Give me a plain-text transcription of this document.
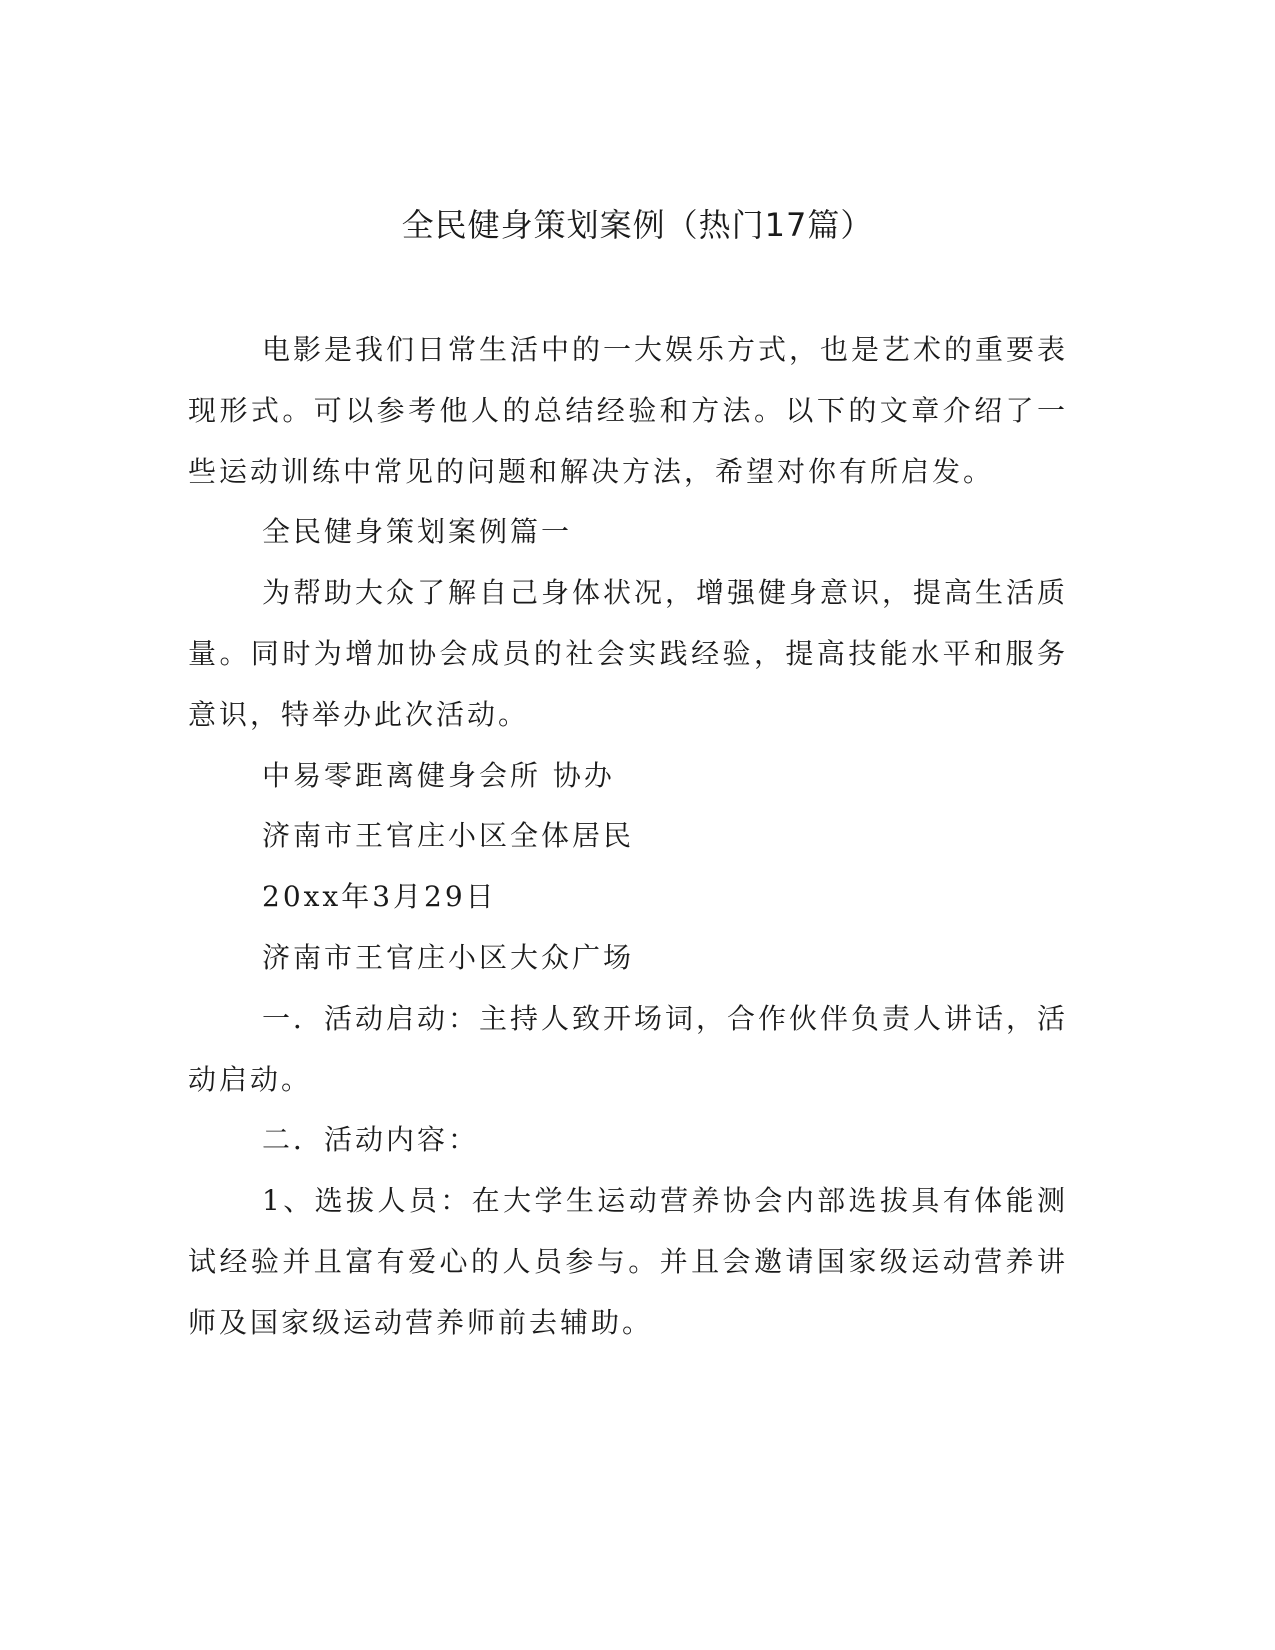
全民健身策划案例（热门17篇）

电影是我们日常生活中的一大娱乐方式，也是艺术的重要表现形式。可以参考他人的总结经验和方法。以下的文章介绍了一些运动训练中常见的问题和解决方法，希望对你有所启发。

全民健身策划案例篇一

为帮助大众了解自己身体状况，增强健身意识，提高生活质量。同时为增加协会成员的社会实践经验，提高技能水平和服务意识，特举办此次活动。

中易零距离健身会所 协办

济南市王官庄小区全体居民

20xx年3月29日

济南市王官庄小区大众广场

一．活动启动：主持人致开场词，合作伙伴负责人讲话，活动启动。

二．活动内容：

1、选拔人员：在大学生运动营养协会内部选拔具有体能测试经验并且富有爱心的人员参与。并且会邀请国家级运动营养讲师及国家级运动营养师前去辅助。
